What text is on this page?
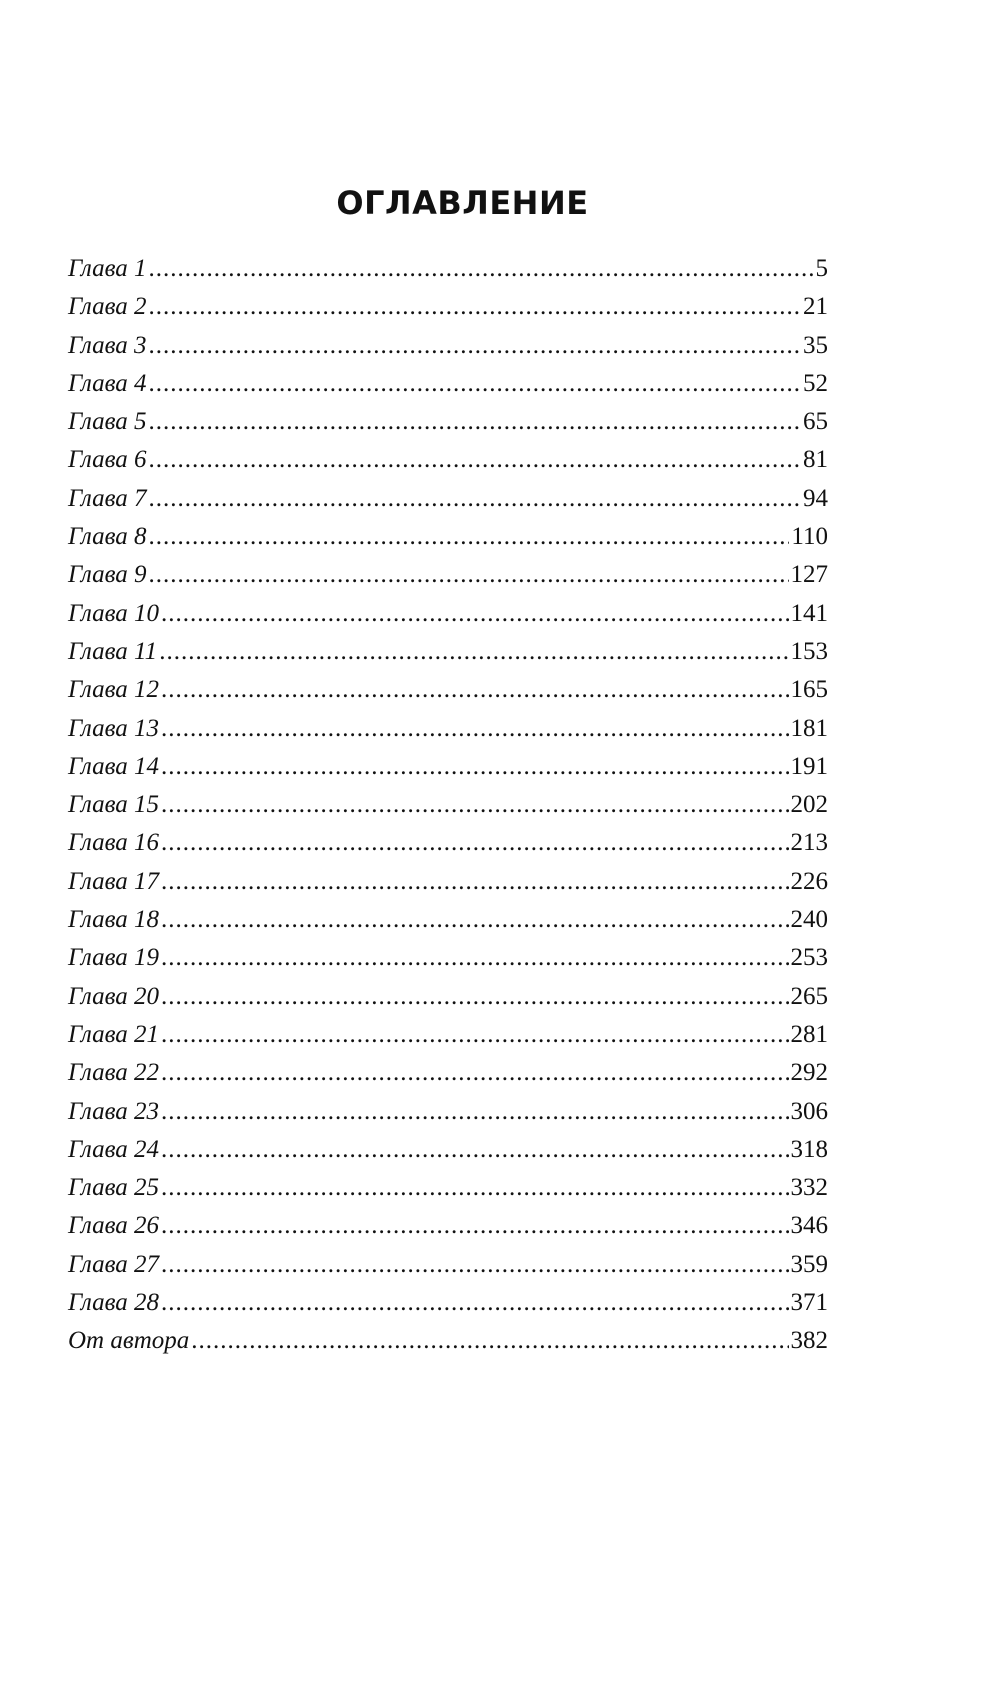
ОГЛАВЛЕНИЕ
Глава 1 .....	5
Глава 2 .....	21
Глава 3 .....	35
Глава 4 .....	52
Глава 5 .....	65
Глава 6 .....	81
Глава 7 .....	94
Глава 8 .....	110
Глава 9 .....	127
Глава 10 .....	141
Глава 11 .....	153
Глава 12 .....	165
Глава 13 .....	181
Глава 14 .....	191
Глава 15 .....	202
Глава 16 .....	213
Глава 17 .....	226
Глава 18 .....	240
Глава 19 .....	253
Глава 20 .....	265
Глава 21 .....	281
Глава 22 .....	292
Глава 23 .....	306
Глава 24 .....	318
Глава 25 .....	332
Глава 26 .....	346
Глава 27 .....	359
Глава 28 .....	371
От автора .....	382
